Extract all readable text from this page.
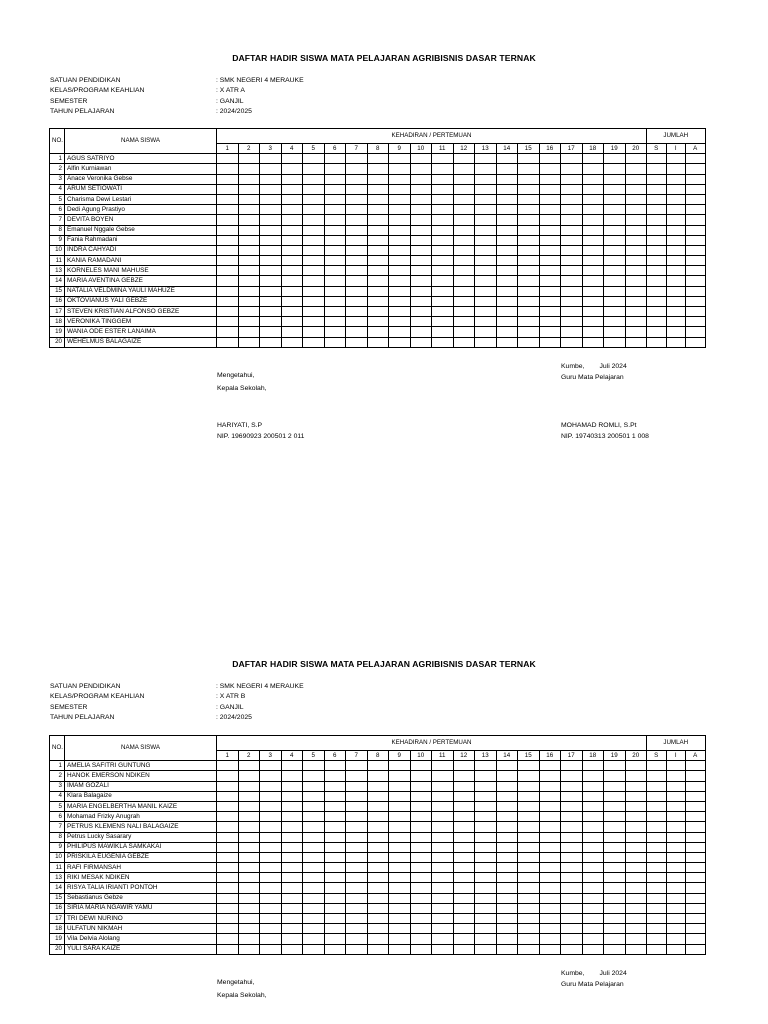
DAFTAR HADIR SISWA MATA PELAJARAN AGRIBISNIS DASAR TERNAK
SATUAN PENDIDIKAN	: SMK NEGERI 4 MERAUKE
KELAS/PROGRAM KEAHLIAN	: X ATR A
SEMESTER	: GANJIL
TAHUN PELAJARAN	: 2024/2025
NO.	NAMA SISWA	KEHADIRAN / PERTEMUAN																				JUMLAH		
		1	2	3	4	5	6	7	8	9	10	11	12	13	14	15	16	17	18	19	20	S	I	A
1	AGUS SATRIYO																							
2	Alfin Kurniawan																							
3	Anace Veronika Gebse																							
4	ARUM SETIOWATI																							
5	Charisma Dewi Lestari																							
6	Dedi Agung Prastiyo																							
7	DEVITA BOYEN																							
8	Emanuel Nggale Gebse																							
9	Fania Rahmadani																							
10	INDRA CAHYADI																							
11	KANIA RAMADANI																							
13	KORNELES MANI MAHUSE																							
14	MARIA AVENTINA GEBZE																							
15	NATALIA VELDMINA YAULI MAHUZE																							
16	OKTOVIANUS YALI GEBZE																							
17	STEVEN KRISTIAN ALFONSO GEBZE																							
18	VERONIKA TINGGEM																							
19	WANIA ODE ESTER LANAIMA																							
20	WEHELMUS BALAGAIZE																							
Kumbe,        Juli 2024
Guru Mata Pelajaran
Mengetahui,
Kepala Sekolah,
HARIYATI, S.P
NIP. 19690923 200501 2 011
MOHAMAD ROMLI, S.Pt
NIP. 19740313 200501 1 008
DAFTAR HADIR SISWA MATA PELAJARAN AGRIBISNIS DASAR TERNAK
SATUAN PENDIDIKAN	: SMK NEGERI 4 MERAUKE
KELAS/PROGRAM KEAHLIAN	: X ATR B
SEMESTER	: GANJIL
TAHUN PELAJARAN	: 2024/2025
NO.	NAMA SISWA	KEHADIRAN / PERTEMUAN																				JUMLAH		
		1	2	3	4	5	6	7	8	9	10	11	12	13	14	15	16	17	18	19	20	S	I	A
1	AMELIA SAFITRI GUNTUNG																							
2	HANOK EMERSON NDIKEN																							
3	IMAM GOZALI																							
4	Klara Balagaize																							
5	MARIA ENGELBERTHA MANIL KAIZE																							
6	Mohamad Frizky Anugrah																							
7	PETRUS KLEMENS NALI BALAGAIZE																							
8	Petrus Lucky Sasarary																							
9	PHILIPUS MAWIKLA SAMKAKAI																							
10	PRISKILA EUGENIA GEBZE																							
11	RAFI FIRMANSAH																							
13	RIKI MESAK NDIKEN																							
14	RISYA TALIA IRIANTI PONTOH																							
15	Sebastianus Gebze																							
16	SIRIA MARIA NGAWIR YAMU																							
17	TRI DEWI NURINO																							
18	ULFATUN NIKMAH																							
19	Vila Delvia Alolang																							
20	YULI SARA KAIZE																							
Kumbe,        Juli 2024
Guru Mata Pelajaran
Mengetahui,
Kepala Sekolah,
